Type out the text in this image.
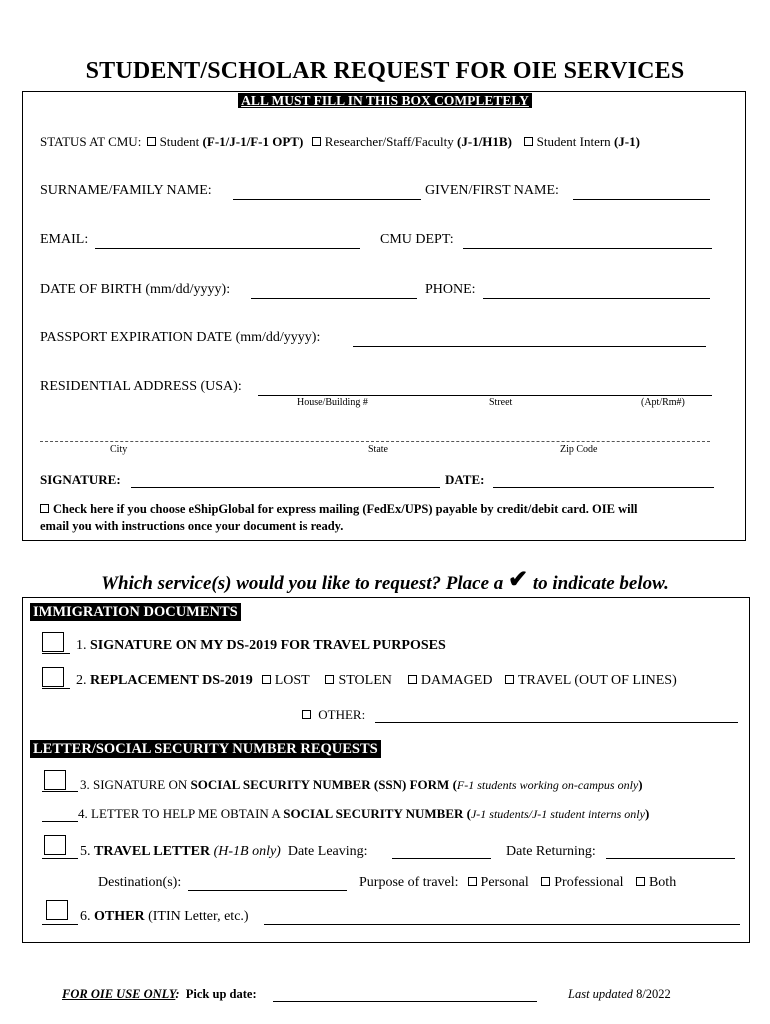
STUDENT/SCHOLAR REQUEST FOR OIE SERVICES
ALL MUST FILL IN THIS BOX COMPLETELY
STATUS AT CMU: Student (F-1/J-1/F-1 OPT) Researcher/Staff/Faculty (J-1/H1B) Student Intern (J-1)
SURNAME/FAMILY NAME:	GIVEN/FIRST NAME:
EMAIL:	CMU DEPT:
DATE OF BIRTH (mm/dd/yyyy):	PHONE:
PASSPORT EXPIRATION DATE (mm/dd/yyyy):
RESIDENTIAL ADDRESS (USA):
House/Building #	Street	(Apt/Rm#)
City	State	Zip Code
SIGNATURE:	DATE:
Check here if you choose eShipGlobal for express mailing (FedEx/UPS) payable by credit/debit card. OIE will
email you with instructions once your document is ready.
Which service(s) would you like to request? Place a ✔ to indicate below.
IMMIGRATION DOCUMENTS
1. SIGNATURE ON MY DS-2019 FOR TRAVEL PURPOSES
2. REPLACEMENT DS-2019 LOST STOLEN DAMAGED TRAVEL (OUT OF LINES)
OTHER:
LETTER/SOCIAL SECURITY NUMBER REQUESTS
3. SIGNATURE ON SOCIAL SECURITY NUMBER (SSN) FORM (F-1 students working on-campus only)
4. LETTER TO HELP ME OBTAIN A SOCIAL SECURITY NUMBER (J-1 students/J-1 student interns only)
5. TRAVEL LETTER (H-1B only) Date Leaving:	Date Returning:
Destination(s):	Purpose of travel: Personal Professional Both
6. OTHER (ITIN Letter, etc.)
FOR OIE USE ONLY: Pick up date:	Last updated 8/2022
